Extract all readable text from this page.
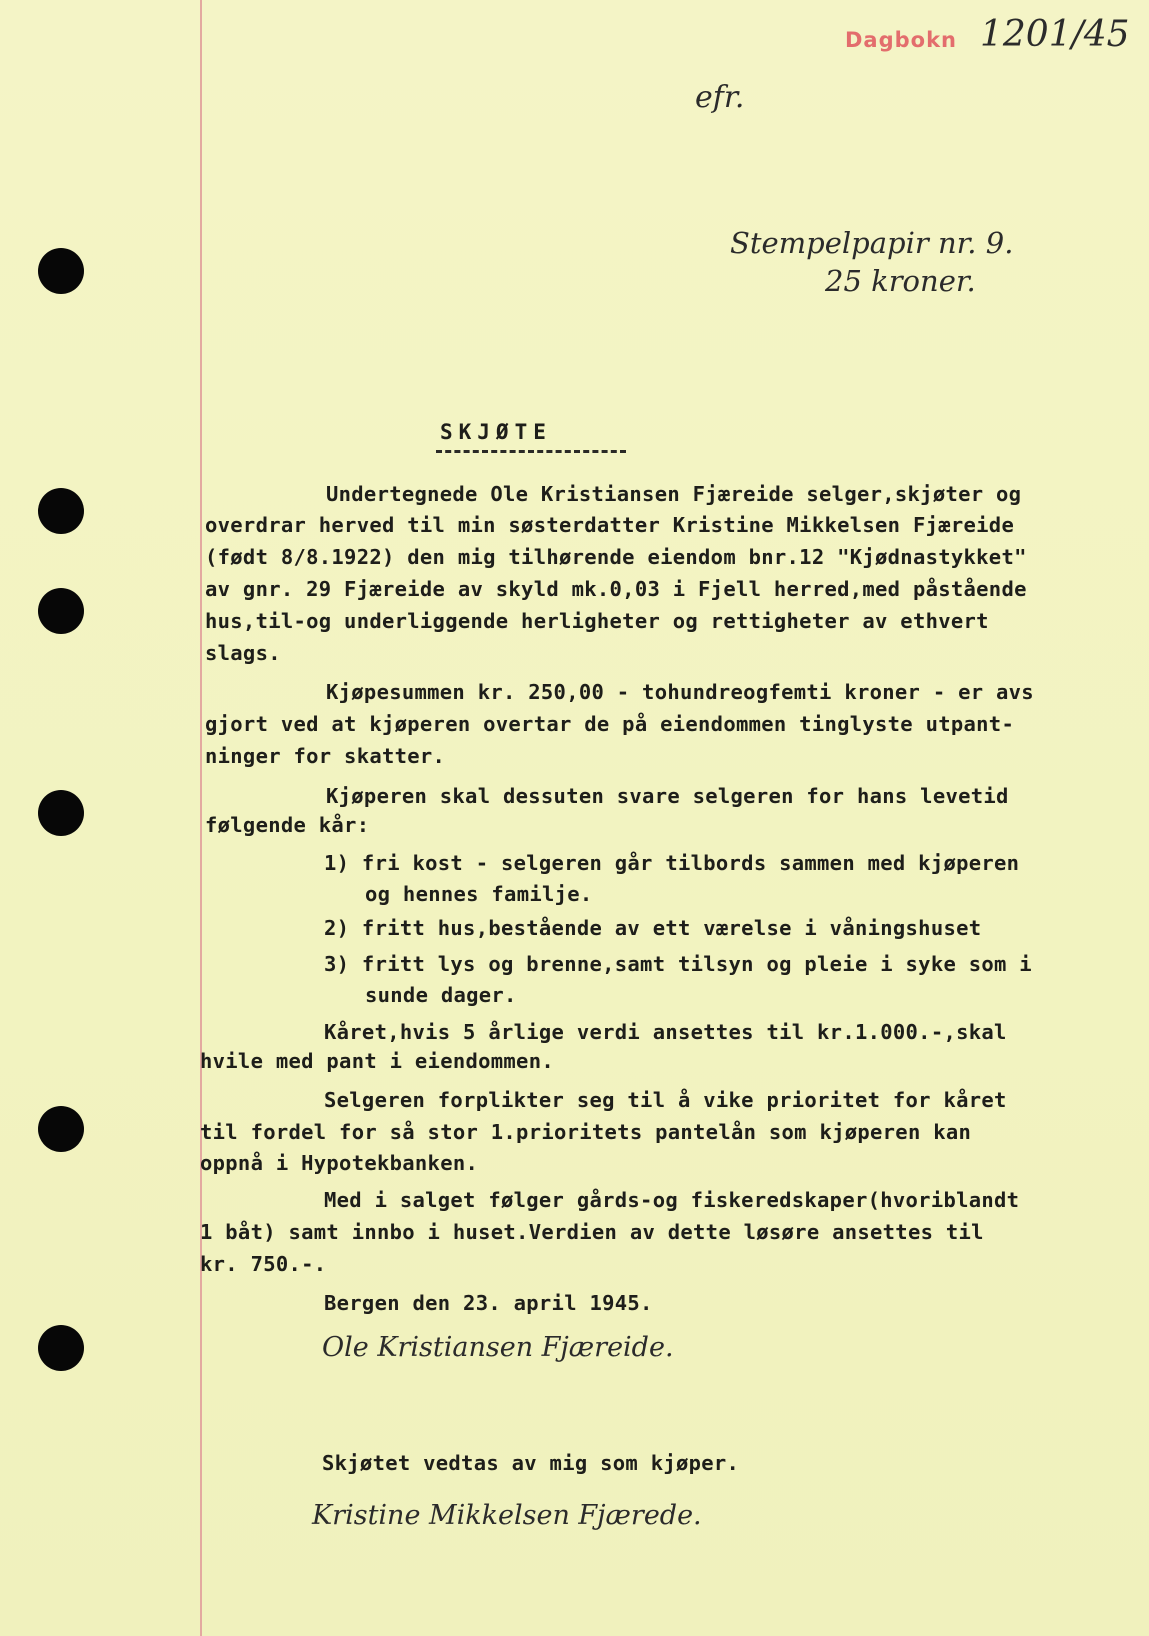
Dagbokn 1201/45
efr.
Stempelpapir nr. 9.
25 kroner.
SKJØTE
Undertegnede Ole Kristiansen Fjæreide selger,skjøter og
overdrar herved til min søsterdatter Kristine Mikkelsen Fjæreide
(født 8/8.1922) den mig tilhørende eiendom bnr.12 "Kjødnastykket"
av gnr. 29 Fjæreide av skyld mk.0,03 i Fjell herred,med påstående
hus,til-og underliggende herligheter og rettigheter av ethvert
slags.
Kjøpesummen kr. 250,00 - tohundreogfemti kroner - er avs
gjort ved at kjøperen overtar de på eiendommen tinglyste utpant-
ninger for skatter.
Kjøperen skal dessuten svare selgeren for hans levetid
følgende kår:
1) fri kost - selgeren går tilbords sammen med kjøperen
og hennes familje.
2) fritt hus,bestående av ett værelse i våningshuset
3) fritt lys og brenne,samt tilsyn og pleie i syke som i
sunde dager.
Kåret,hvis 5 årlige verdi ansettes til kr.1.000.-,skal
hvile med pant i eiendommen.
Selgeren forplikter seg til å vike prioritet for kåret
til fordel for så stor 1.prioritets pantelån som kjøperen kan
oppnå i Hypotekbanken.
Med i salget følger gårds-og fiskeredskaper(hvoriblandt
1 båt) samt innbo i huset.Verdien av dette løsøre ansettes til
kr. 750.-.
Bergen den 23. april 1945.
Ole Kristiansen Fjæreide.
Skjøtet vedtas av mig som kjøper.
Kristine Mikkelsen Fjærede.
